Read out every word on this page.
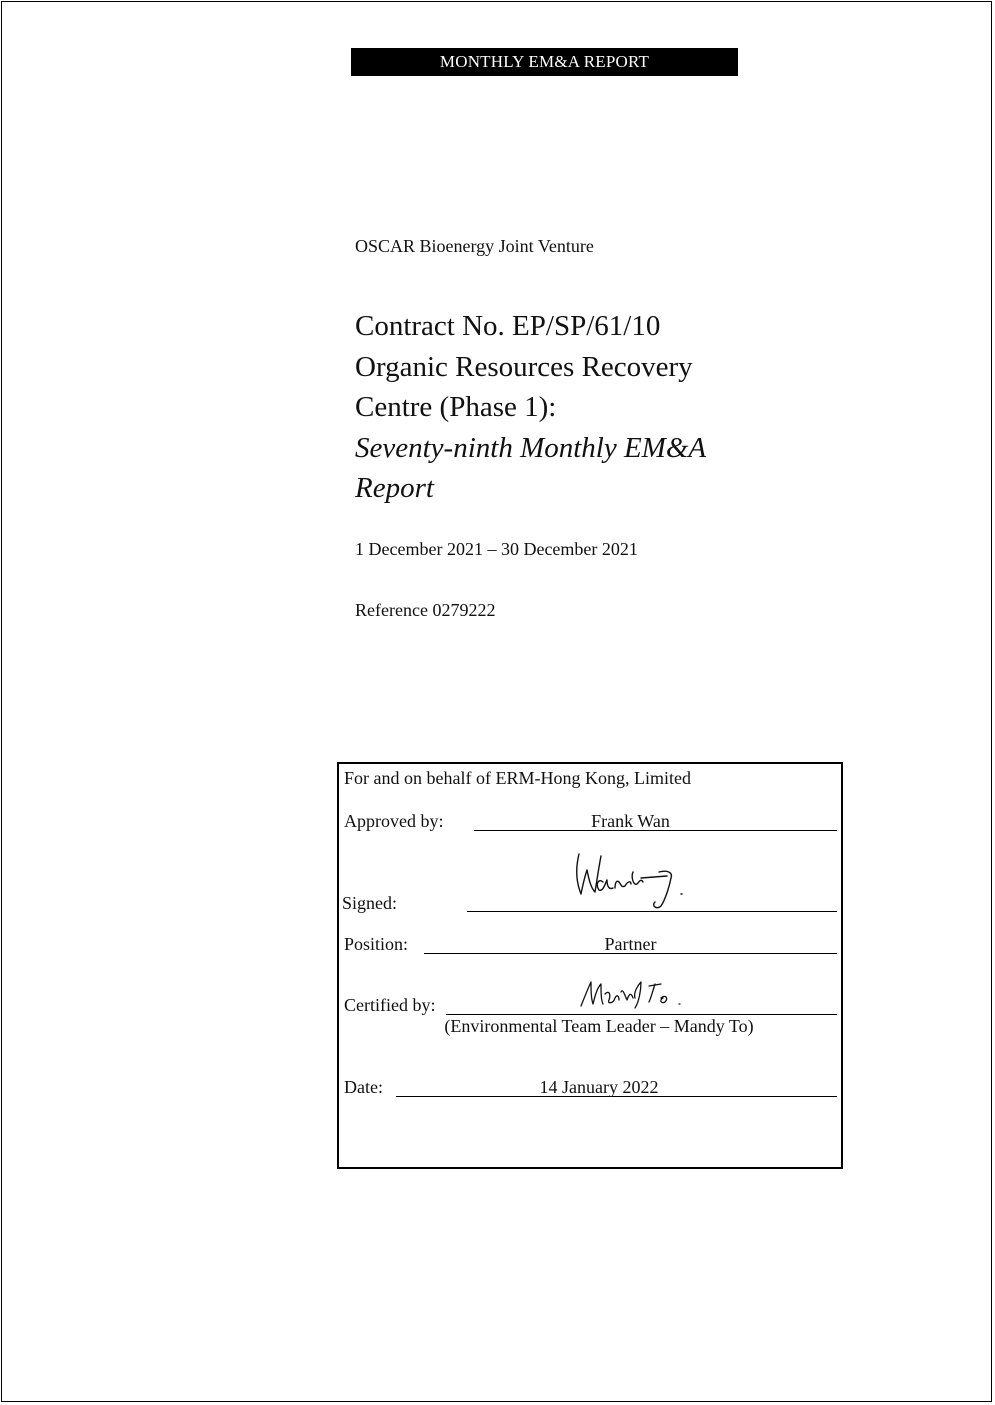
MONTHLY EM&A REPORT
OSCAR Bioenergy Joint Venture
Contract No. EP/SP/61/10
Organic Resources Recovery
Centre (Phase 1):
Seventy-ninth Monthly EM&A
Report
1 December 2021 – 30 December 2021
Reference 0279222
For and on behalf of ERM-Hong Kong, Limited
Approved by:	Frank Wan
Signed:
Position:	Partner
Certified by:
(Environmental Team Leader – Mandy To)
Date:	14 January 2022
